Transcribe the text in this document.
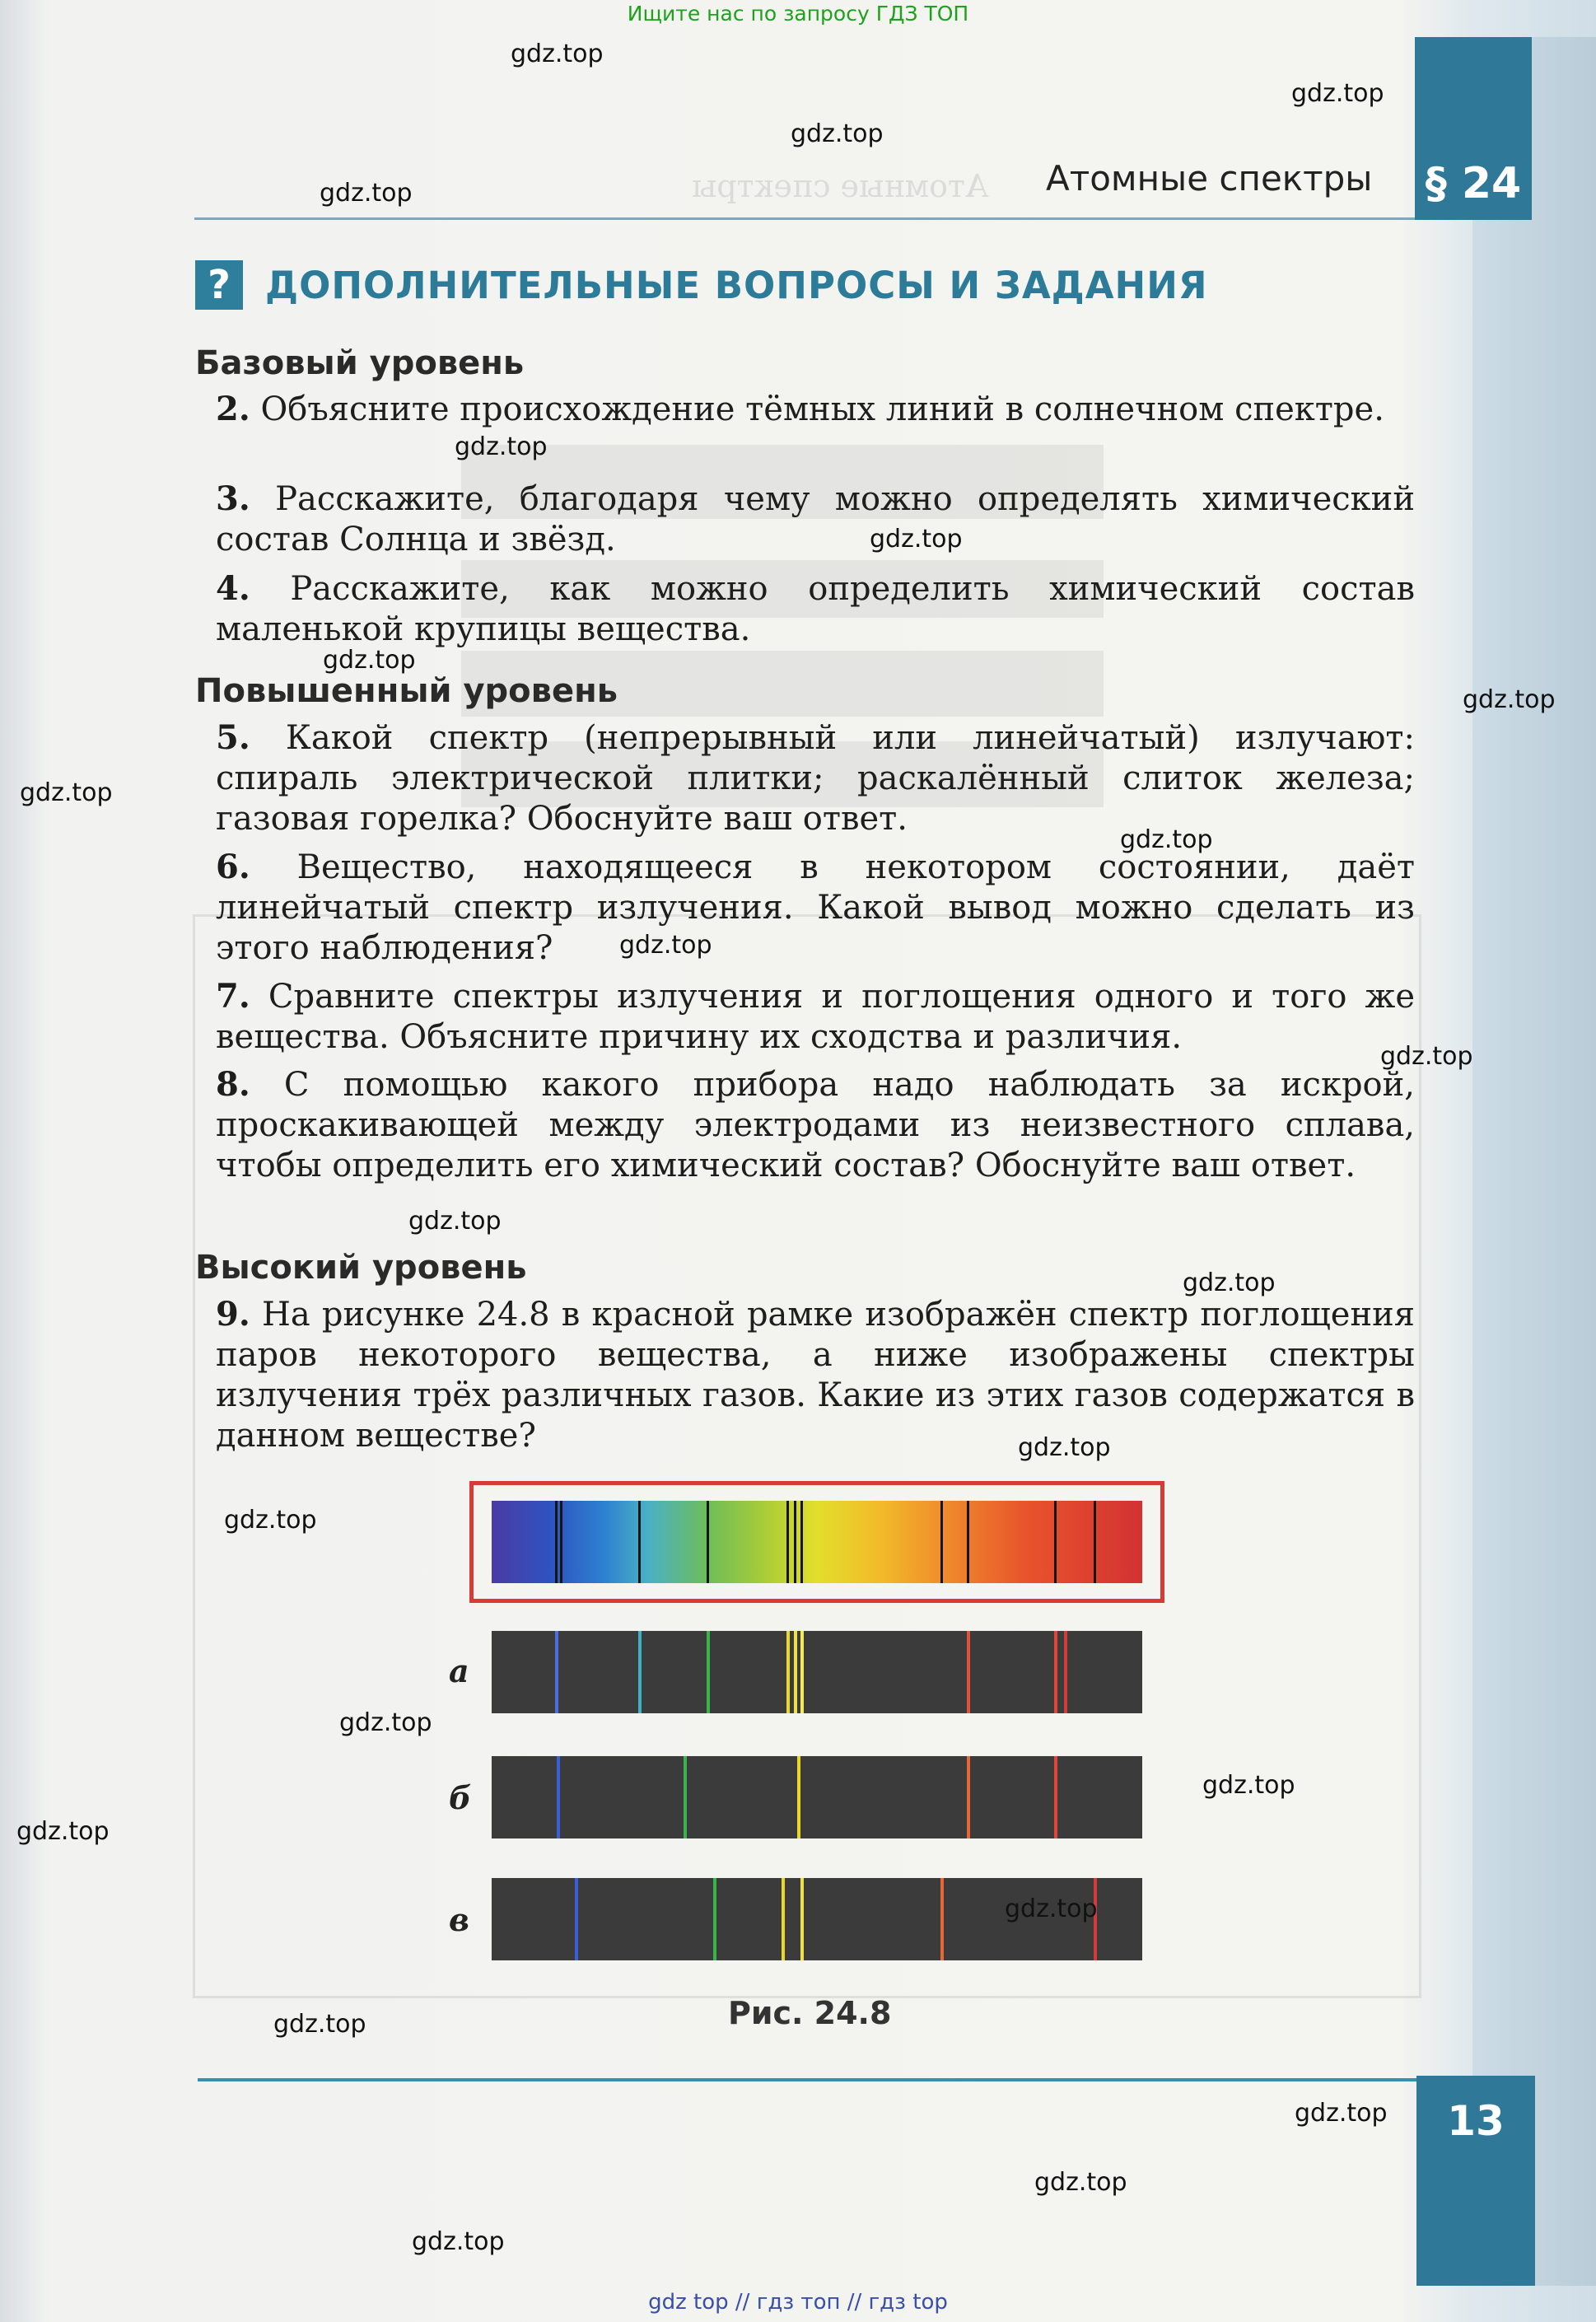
Атомные спектры
Ищите нас по запросу ГДЗ ТОП
Атомные спектры § 24
? ДОПОЛНИТЕЛЬНЫЕ ВОПРОСЫ И ЗАДАНИЯ
Базовый уровень
2. Объясните происхождение тёмных линий в солнечном спектре.
3. Расскажите, благодаря чему можно определять химический состав Солнца и звёзд.
4. Расскажите, как можно определить химический состав маленькой крупицы вещества.
Повышенный уровень
5. Какой спектр (непрерывный или линейчатый) излучают: спираль электрической плитки; раскалённый слиток железа; газовая горелка? Обоснуйте ваш ответ.
6. Вещество, находящееся в некотором состоянии, даёт линейчатый спектр излучения. Какой вывод можно сделать из этого наблюдения?
7. Сравните спектры излучения и поглощения одного и того же вещества. Объясните причину их сходства и различия.
8. С помощью какого прибора надо наблюдать за искрой, проскакивающей между электродами из неизвестного сплава, чтобы определить его химический состав? Обоснуйте ваш ответ.
Высокий уровень
9. На рисунке 24.8 в красной рамке изображён спектр поглощения паров некоторого вещества, а ниже изображены спектры излучения трёх различных газов. Какие из этих газов содержатся в данном веществе?
а
б
в
Рис. 24.8
13
gdz.top
gdz.top
gdz.top
gdz.top
gdz.top
gdz.top
gdz.top
gdz.top
gdz.top
gdz.top
gdz.top
gdz.top
gdz.top
gdz.top
gdz.top
gdz.top
gdz.top
gdz.top
gdz.top
gdz.top
gdz.top
gdz.top
gdz.top
gdz.top
gdz top // гдз топ // гдз top
